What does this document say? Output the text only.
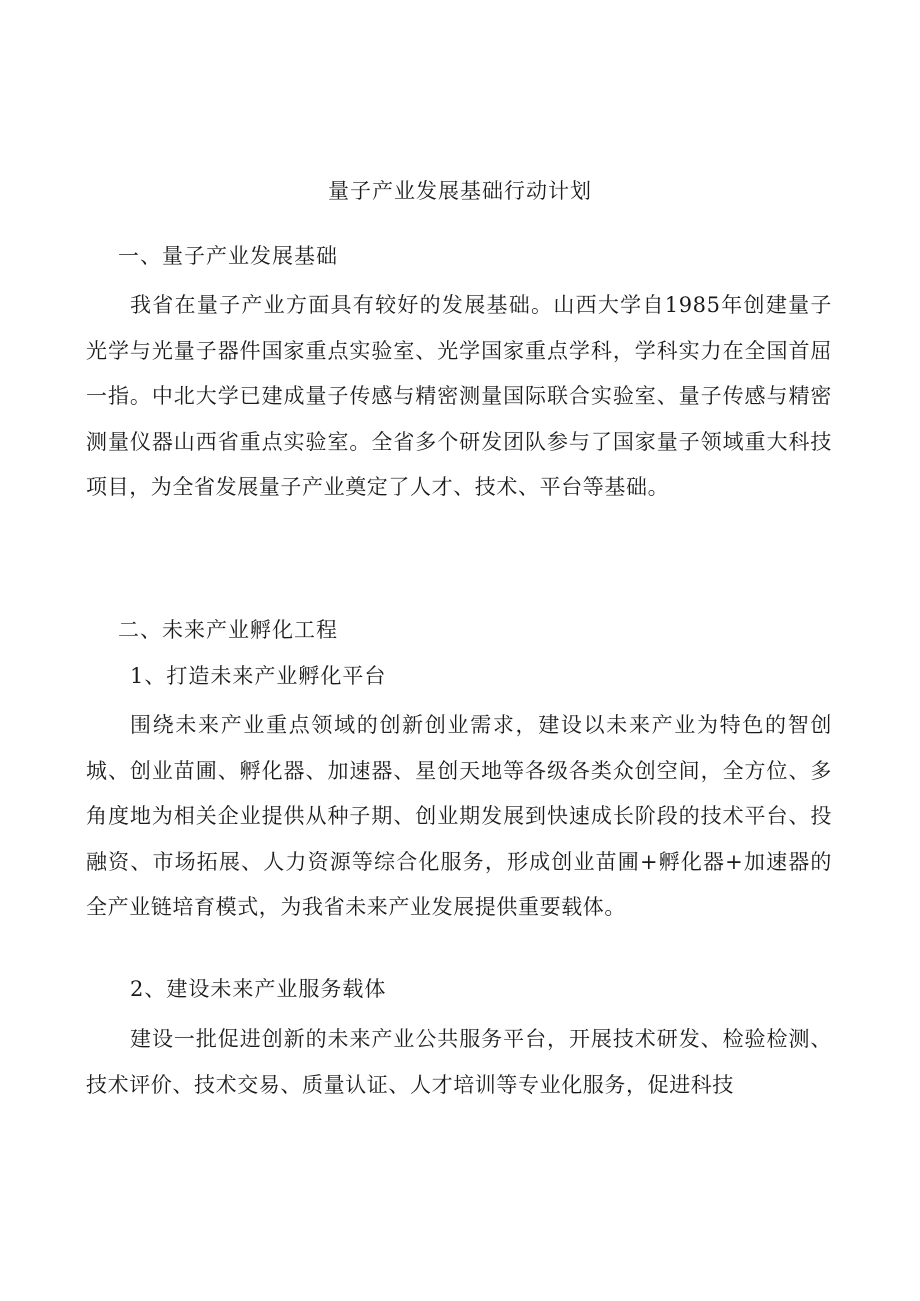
量子产业发展基础行动计划
一、量子产业发展基础
我省在量子产业方面具有较好的发展基础。山西大学自1985年创建量子光学与光量子器件国家重点实验室、光学国家重点学科，学科实力在全国首屈一指。中北大学已建成量子传感与精密测量国际联合实验室、量子传感与精密测量仪器山西省重点实验室。全省多个研发团队参与了国家量子领域重大科技项目，为全省发展量子产业奠定了人才、技术、平台等基础。
二、未来产业孵化工程
1、打造未来产业孵化平台
围绕未来产业重点领域的创新创业需求，建设以未来产业为特色的智创城、创业苗圃、孵化器、加速器、星创天地等各级各类众创空间，全方位、多角度地为相关企业提供从种子期、创业期发展到快速成长阶段的技术平台、投融资、市场拓展、人力资源等综合化服务，形成创业苗圃+孵化器+加速器的全产业链培育模式，为我省未来产业发展提供重要载体。
2、建设未来产业服务载体
建设一批促进创新的未来产业公共服务平台，开展技术研发、检验检测、技术评价、技术交易、质量认证、人才培训等专业化服务，促进科技
